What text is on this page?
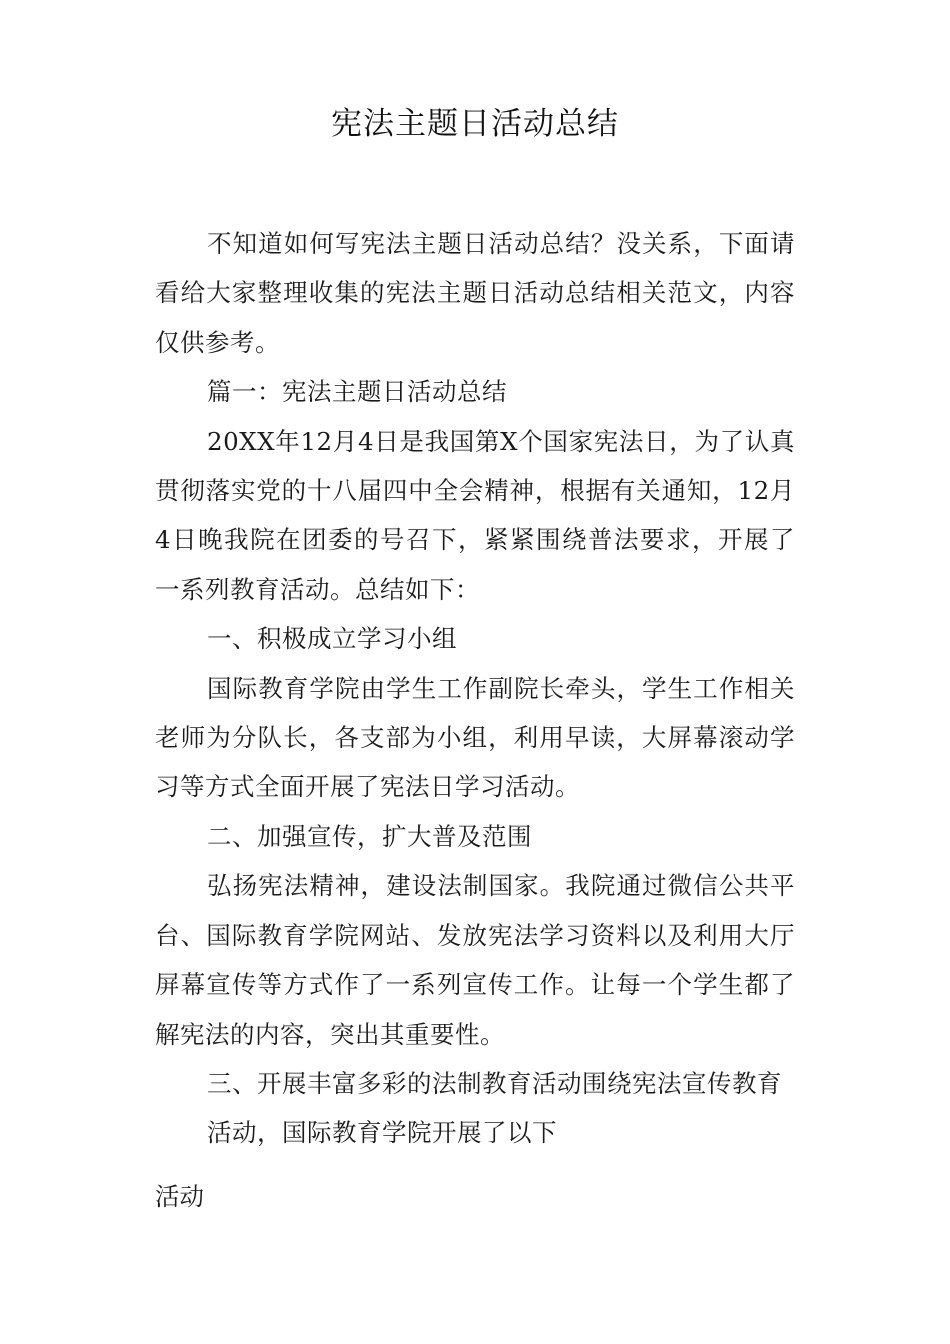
宪法主题日活动总结

不知道如何写宪法主题日活动总结？没关系，下面请看给大家整理收集的宪法主题日活动总结相关范文，内容仅供参考。

篇一：宪法主题日活动总结

20XX年12月4日是我国第X个国家宪法日，为了认真贯彻落实党的十八届四中全会精神，根据有关通知，12月4日晚我院在团委的号召下，紧紧围绕普法要求，开展了一系列教育活动。总结如下：

一、积极成立学习小组

国际教育学院由学生工作副院长牵头，学生工作相关老师为分队长，各支部为小组，利用早读，大屏幕滚动学习等方式全面开展了宪法日学习活动。

二、加强宣传，扩大普及范围

弘扬宪法精神，建设法制国家。我院通过微信公共平台、国际教育学院网站、发放宪法学习资料以及利用大厅屏幕宣传等方式作了一系列宣传工作。让每一个学生都了解宪法的内容，突出其重要性。

三、开展丰富多彩的法制教育活动围绕宪法宣传教育

活动，国际教育学院开展了以下

活动
